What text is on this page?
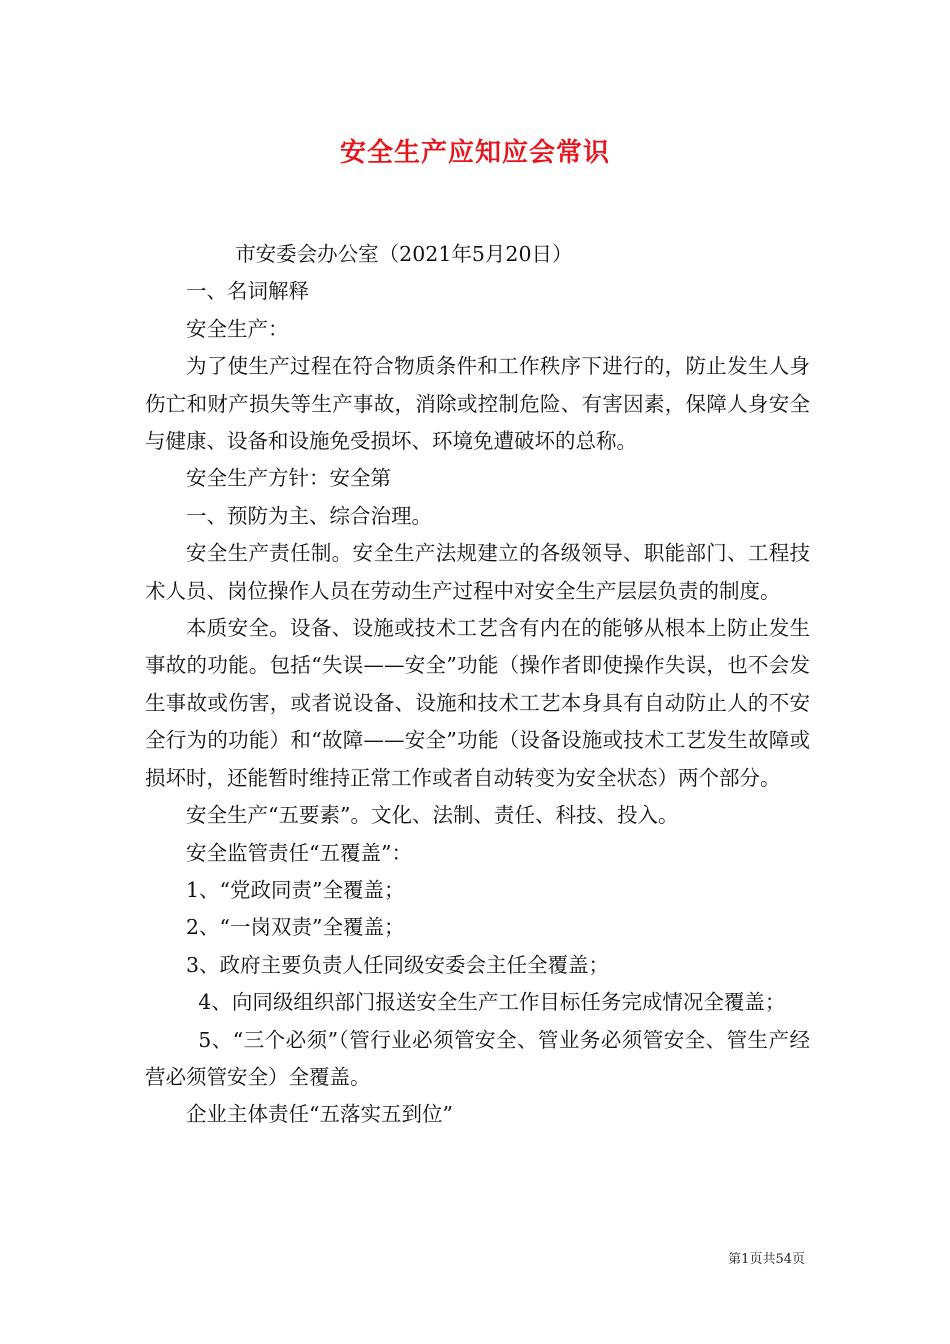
安全生产应知应会常识

市安委会办公室（2021年5月20日）

一、名词解释

安全生产：

为了使生产过程在符合物质条件和工作秩序下进行的，防止发生人身伤亡和财产损失等生产事故，消除或控制危险、有害因素，保障人身安全与健康、设备和设施免受损坏、环境免遭破坏的总称。

安全生产方针：安全第

一、预防为主、综合治理。

安全生产责任制。安全生产法规建立的各级领导、职能部门、工程技术人员、岗位操作人员在劳动生产过程中对安全生产层层负责的制度。

本质安全。设备、设施或技术工艺含有内在的能够从根本上防止发生事故的功能。包括“失误——安全”功能（操作者即使操作失误，也不会发生事故或伤害，或者说设备、设施和技术工艺本身具有自动防止人的不安全行为的功能）和“故障——安全”功能（设备设施或技术工艺发生故障或损坏时，还能暂时维持正常工作或者自动转变为安全状态）两个部分。

安全生产“五要素”。文化、法制、责任、科技、投入。

安全监管责任“五覆盖”：

1、“党政同责”全覆盖；

2、“一岗双责”全覆盖；

3、政府主要负责人任同级安委会主任全覆盖；

4、向同级组织部门报送安全生产工作目标任务完成情况全覆盖；

5、“三个必须”（管行业必须管安全、管业务必须管安全、管生产经营必须管安全）全覆盖。

企业主体责任“五落实五到位”

第1页共54页
